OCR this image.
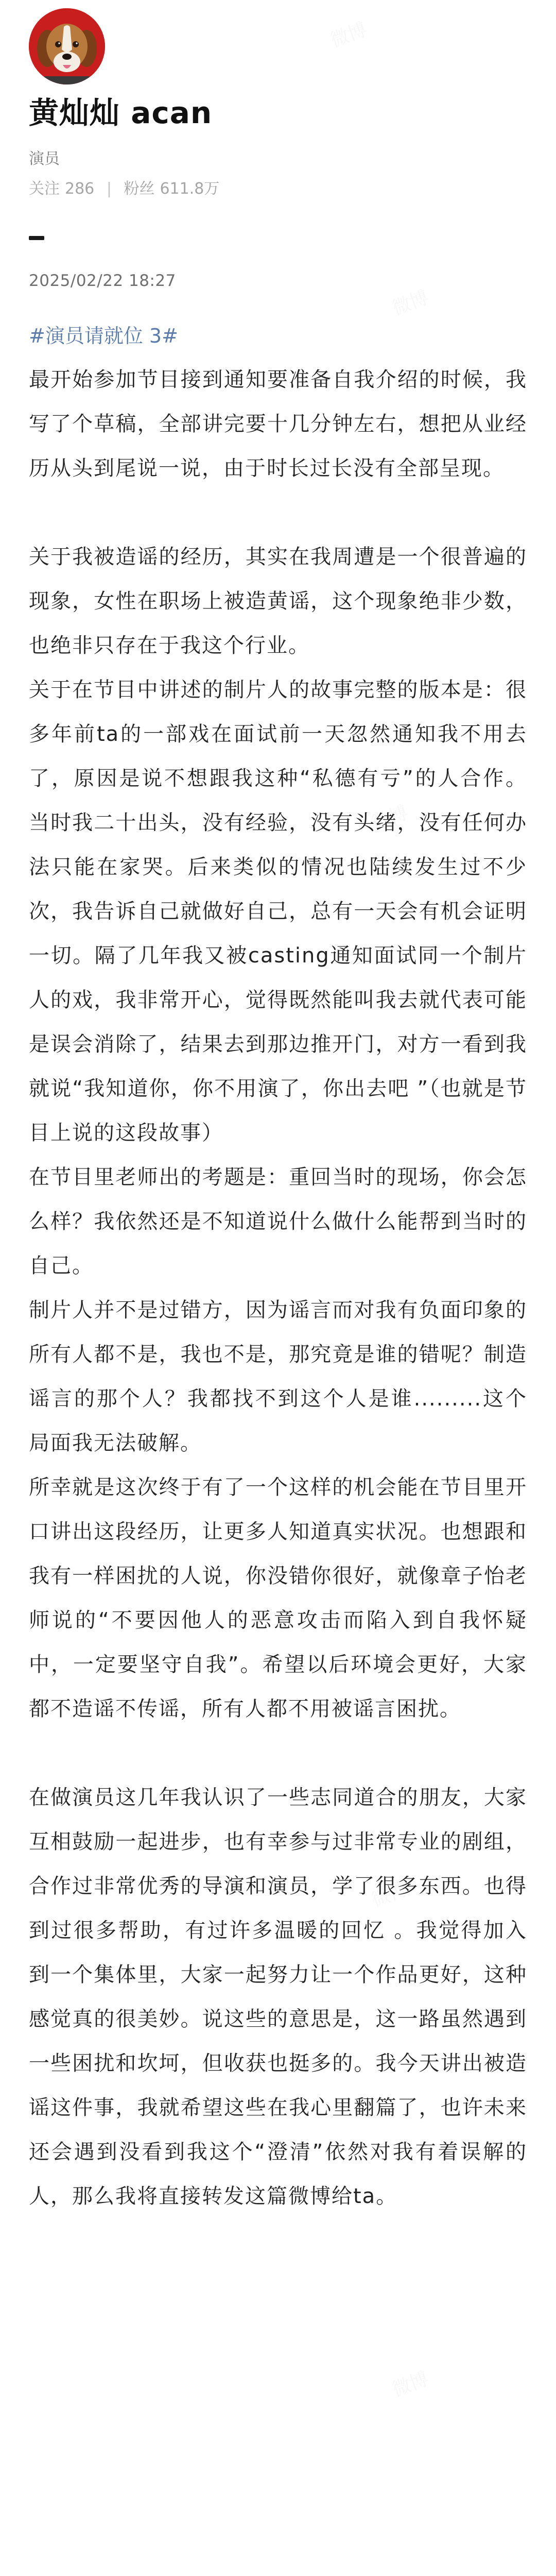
黄灿灿 acan
演员
关注 286 | 粉丝 611.8万
2025/02/22 18:27

#演员请就位 3#

最开始参加节目接到通知要准备自我介绍的时候，我写了个草稿，全部讲完要十几分钟左右，想把从业经历从头到尾说一说，由于时长过长没有全部呈现。

关于我被造谣的经历，其实在我周遭是一个很普遍的现象，女性在职场上被造黄谣，这个现象绝非少数，也绝非只存在于我这个行业。

关于在节目中讲述的制片人的故事完整的版本是：很多年前ta的一部戏在面试前一天忽然通知我不用去了，原因是说不想跟我这种“私德有亏”的人合作。当时我二十出头，没有经验，没有头绪，没有任何办法只能在家哭。后来类似的情况也陆续发生过不少次，我告诉自己就做好自己，总有一天会有机会证明一切。隔了几年我又被casting通知面试同一个制片人的戏，我非常开心，觉得既然能叫我去就代表可能是误会消除了，结果去到那边推开门，对方一看到我就说“我知道你，你不用演了，你出去吧 ”（也就是节目上说的这段故事）

在节目里老师出的考题是：重回当时的现场，你会怎么样？我依然还是不知道说什么做什么能帮到当时的自己。

制片人并不是过错方，因为谣言而对我有负面印象的所有人都不是，我也不是，那究竟是谁的错呢？制造谣言的那个人？我都找不到这个人是谁.........这个局面我无法破解。

所幸就是这次终于有了一个这样的机会能在节目里开口讲出这段经历，让更多人知道真实状况。也想跟和我有一样困扰的人说，你没错你很好，就像章子怡老师说的“不要因他人的恶意攻击而陷入到自我怀疑中，一定要坚守自我”。希望以后环境会更好，大家都不造谣不传谣，所有人都不用被谣言困扰。

在做演员这几年我认识了一些志同道合的朋友，大家互相鼓励一起进步，也有幸参与过非常专业的剧组，合作过非常优秀的导演和演员，学了很多东西。也得到过很多帮助，有过许多温暖的回忆 。我觉得加入到一个集体里，大家一起努力让一个作品更好，这种感觉真的很美妙。说这些的意思是，这一路虽然遇到一些困扰和坎坷，但收获也挺多的。我今天讲出被造谣这件事，我就希望这些在我心里翻篇了，也许未来还会遇到没看到我这个“澄清”依然对我有着误解的人，那么我将直接转发这篇微博给ta。
